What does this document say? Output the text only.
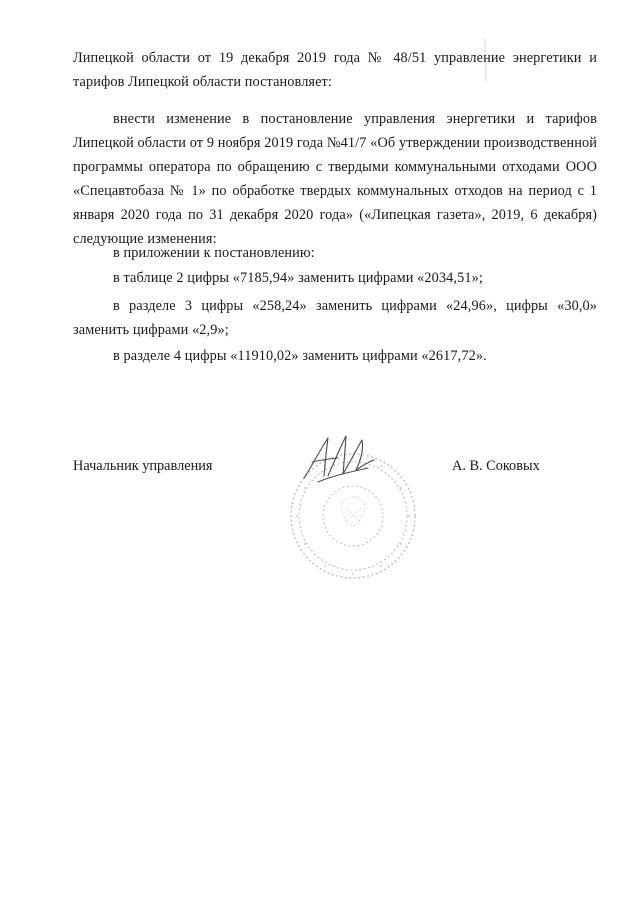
Липецкой области от 19 декабря 2019 года № 48/51 управление энергетики и тарифов Липецкой области постановляет:

внести изменение в постановление управления энергетики и тарифов Липецкой области от 9 ноября 2019 года №41/7 «Об утверждении производственной программы оператора по обращению с твердыми коммунальными отходами ООО «Спецавтобаза № 1» по обработке твердых коммунальных отходов на период с 1 января 2020 года по 31 декабря 2020 года» («Липецкая газета», 2019, 6 декабря) следующие изменения:

в приложении к постановлению:

в таблице 2 цифры «7185,94» заменить цифрами «2034,51»;

в разделе 3 цифры «258,24» заменить цифрами «24,96», цифры «30,0» заменить цифрами «2,9»;

в разделе 4 цифры «11910,02» заменить цифрами «2617,72».

Начальник управления	А. В. Соковых
